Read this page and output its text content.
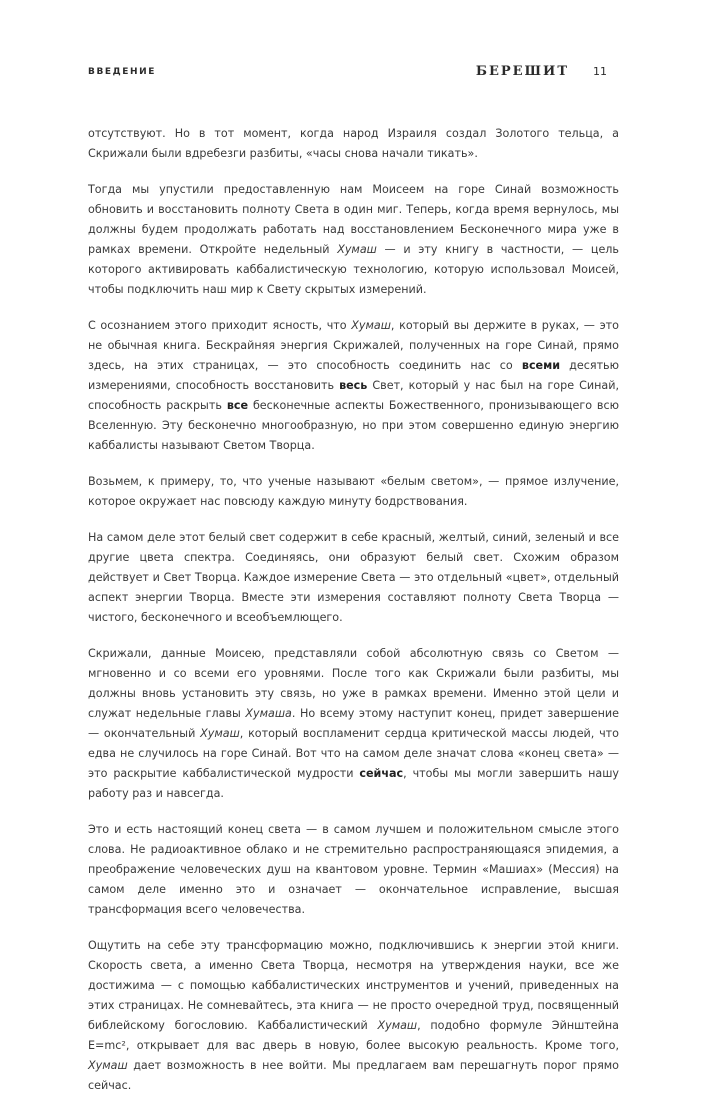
ВВЕДЕНИЕ	БЕРЕШИТ 11

отсутствуют. Но в тот момент, когда народ Израиля создал Золотого тельца, а Скрижали были вдребезги разбиты, «часы снова начали тикать».

Тогда мы упустили предоставленную нам Моисеем на горе Синай возможность обновить и восстановить полноту Света в один миг. Теперь, когда время вернулось, мы должны будем продолжать работать над восстановлением Бесконечного мира уже в рамках времени. Откройте недельный Хумаш — и эту книгу в частности, — цель которого активировать каббалистическую технологию, которую использовал Моисей, чтобы подключить наш мир к Свету скрытых измерений.

С осознанием этого приходит ясность, что Хумаш, который вы держите в руках, — это не обычная книга. Бескрайняя энергия Скрижалей, полученных на горе Синай, прямо здесь, на этих страницах, — это способность соединить нас со всеми десятью измерениями, способность восстановить весь Свет, который у нас был на горе Синай, способность раскрыть все бесконечные аспекты Божественного, пронизывающего всю Вселенную. Эту бесконечно многообразную, но при этом совершенно единую энергию каббалисты называют Светом Творца.

Возьмем, к примеру, то, что ученые называют «белым светом», — прямое излучение, которое окружает нас повсюду каждую минуту бодрствования.

На самом деле этот белый свет содержит в себе красный, желтый, синий, зеленый и все другие цвета спектра. Соединяясь, они образуют белый свет. Схожим образом действует и Свет Творца. Каждое измерение Света — это отдельный «цвет», отдельный аспект энергии Творца. Вместе эти измерения составляют полноту Света Творца — чистого, бесконечного и всеобъемлющего.

Скрижали, данные Моисею, представляли собой абсолютную связь со Светом — мгновенно и со всеми его уровнями. После того как Скрижали были разбиты, мы должны вновь установить эту связь, но уже в рамках времени. Именно этой цели и служат недельные главы Хумаша. Но всему этому наступит конец, придет завершение — окончательный Хумаш, который воспламенит сердца критической массы людей, что едва не случилось на горе Синай. Вот что на самом деле значат слова «конец света» — это раскрытие каббалистической мудрости сейчас, чтобы мы могли завершить нашу работу раз и навсегда.

Это и есть настоящий конец света — в самом лучшем и положительном смысле этого слова. Не радиоактивное облако и не стремительно распространяющаяся эпидемия, а преображение человеческих душ на квантовом уровне. Термин «Машиах» (Мессия) на самом деле именно это и означает — окончательное исправление, высшая трансформация всего человечества.

Ощутить на себе эту трансформацию можно, подключившись к энергии этой книги. Скорость света, а именно Света Творца, несмотря на утверждения науки, все же достижима — с помощью каббалистических инструментов и учений, приведенных на этих страницах. Не сомневайтесь, эта книга — не просто очередной труд, посвященный библейскому богословию. Каббалистический Хумаш, подобно формуле Эйнштейна E=mc², открывает для вас дверь в новую, более высокую реальность. Кроме того, Хумаш дает возможность в нее войти. Мы предлагаем вам перешагнуть порог прямо сейчас.
